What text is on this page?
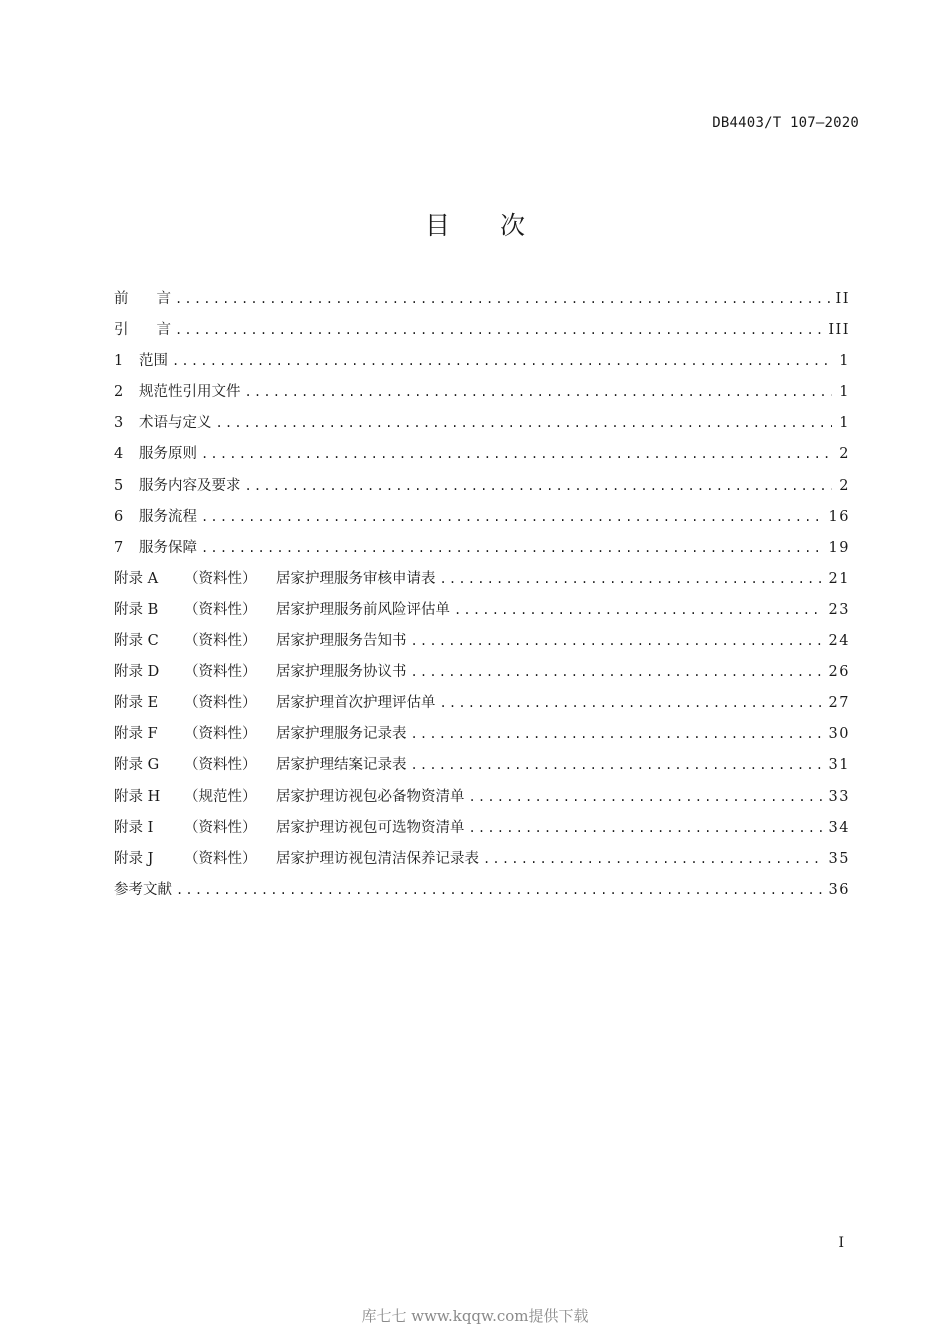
DB4403/T 107—2020
目次
前 言 .....	II
引 言 .....	III
1 范围 .....	1
2 规范性引用文件 .....	1
3 术语与定义 .....	1
4 服务原则 .....	2
5 服务内容及要求 .....	2
6 服务流程 .....	16
7 服务保障 .....	19
附录 A （资料性） 居家护理服务审核申请表 .....	21
附录 B （资料性） 居家护理服务前风险评估单 .....	23
附录 C （资料性） 居家护理服务告知书 .....	24
附录 D （资料性） 居家护理服务协议书 .....	26
附录 E （资料性） 居家护理首次护理评估单 .....	27
附录 F （资料性） 居家护理服务记录表 .....	30
附录 G （资料性） 居家护理结案记录表 .....	31
附录 H （规范性） 居家护理访视包必备物资清单 .....	33
附录 I （资料性） 居家护理访视包可选物资清单 .....	34
附录 J （资料性） 居家护理访视包清洁保养记录表 .....	35
参考文献 .....	36
I
库七七 www.kqqw.com提供下载
